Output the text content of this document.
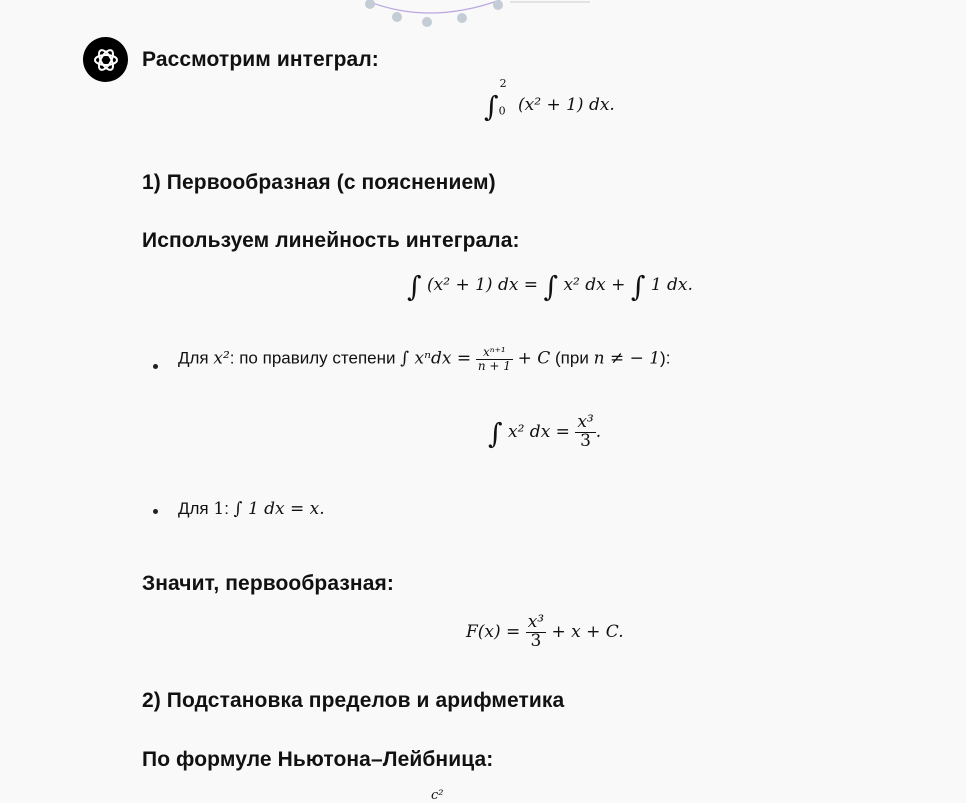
Рассмотрим интеграл:
$\int_0^2$ (x² + 1) dx.
1) Первообразная (с пояснением)
Используем линейность интеграла:
∫ (x² + 1) dx = ∫ x² dx + ∫ 1 dx.
Для x²: по правилу степени ∫ $x^ndx = \frac{\text{xⁿ⁺¹}}{n + 1} + C$ (при n ≠ − 1):
∫ x² dx = $\frac{\text{x³}}{3}$ .
Для 1: ∫ 1 dx = x.
Значит, первообразная:
$F(x) = \frac{\text{x³}}{3} + x + C$.
2) Подстановка пределов и арифметика
По формуле Ньютона–Лейбница:
c²
